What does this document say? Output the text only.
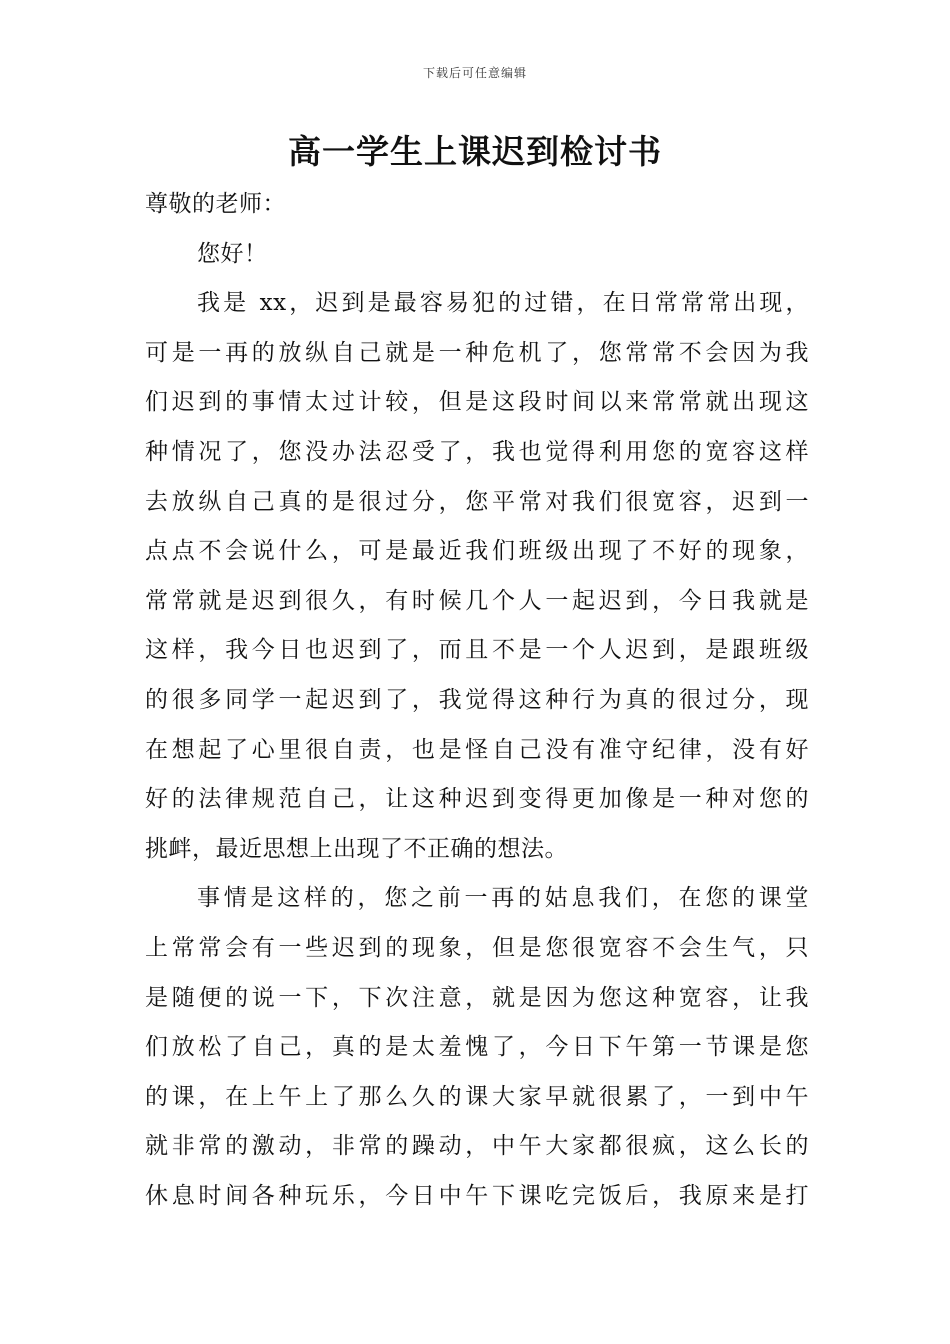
下载后可任意编辑
高一学生上课迟到检讨书
尊敬的老师：
您好！
我是 xx，迟到是最容易犯的过错，在日常常常出现，
可是一再的放纵自己就是一种危机了，您常常不会因为我
们迟到的事情太过计较，但是这段时间以来常常就出现这
种情况了，您没办法忍受了，我也觉得利用您的宽容这样
去放纵自己真的是很过分，您平常对我们很宽容，迟到一
点点不会说什么，可是最近我们班级出现了不好的现象，
常常就是迟到很久，有时候几个人一起迟到，今日我就是
这样，我今日也迟到了，而且不是一个人迟到，是跟班级
的很多同学一起迟到了，我觉得这种行为真的很过分，现
在想起了心里很自责，也是怪自己没有准守纪律，没有好
好的法律规范自己，让这种迟到变得更加像是一种对您的
挑衅，最近思想上出现了不正确的想法。
事情是这样的，您之前一再的姑息我们，在您的课堂
上常常会有一些迟到的现象，但是您很宽容不会生气，只
是随便的说一下，下次注意，就是因为您这种宽容，让我
们放松了自己，真的是太羞愧了，今日下午第一节课是您
的课，在上午上了那么久的课大家早就很累了，一到中午
就非常的激动，非常的躁动，中午大家都很疯，这么长的
休息时间各种玩乐，今日中午下课吃完饭后，我原来是打
